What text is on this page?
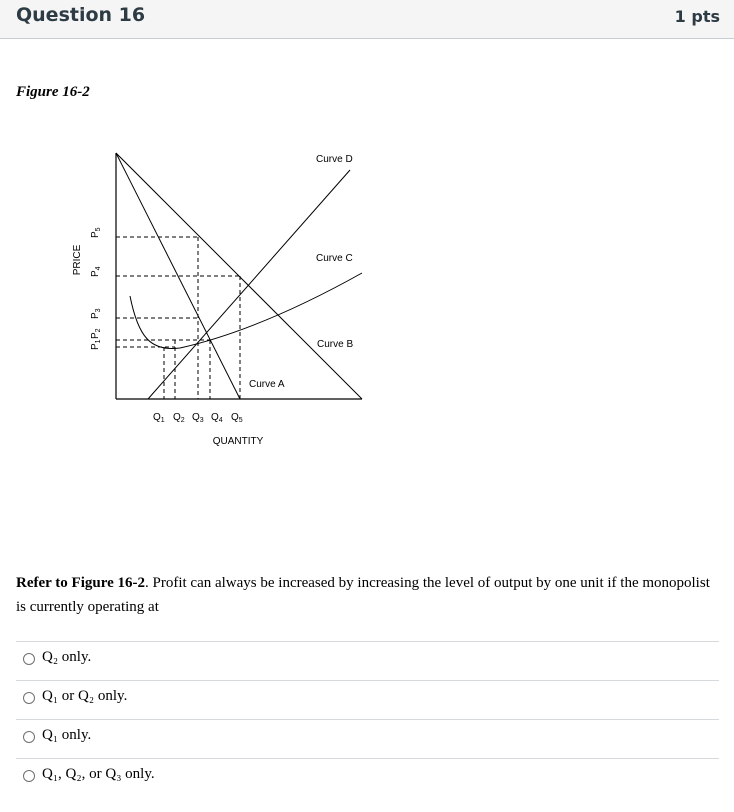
Question 16	1 pts
Figure 16-2
PRICE
$P_5$
$P_4$
$P_3$
$P_2$
$P_1$
$Q_1$ $Q_2$ $Q_3$ $Q_4$ $Q_5$
QUANTITY
Curve D
Curve C
Curve B
Curve A
Refer to Figure 16-2. Profit can always be increased by increasing the level of output by one unit if the monopolist is currently operating at
Q₂ only.
Q₁ or Q₂ only.
Q₁ only.
Q₁, Q₂, or Q₃ only.
